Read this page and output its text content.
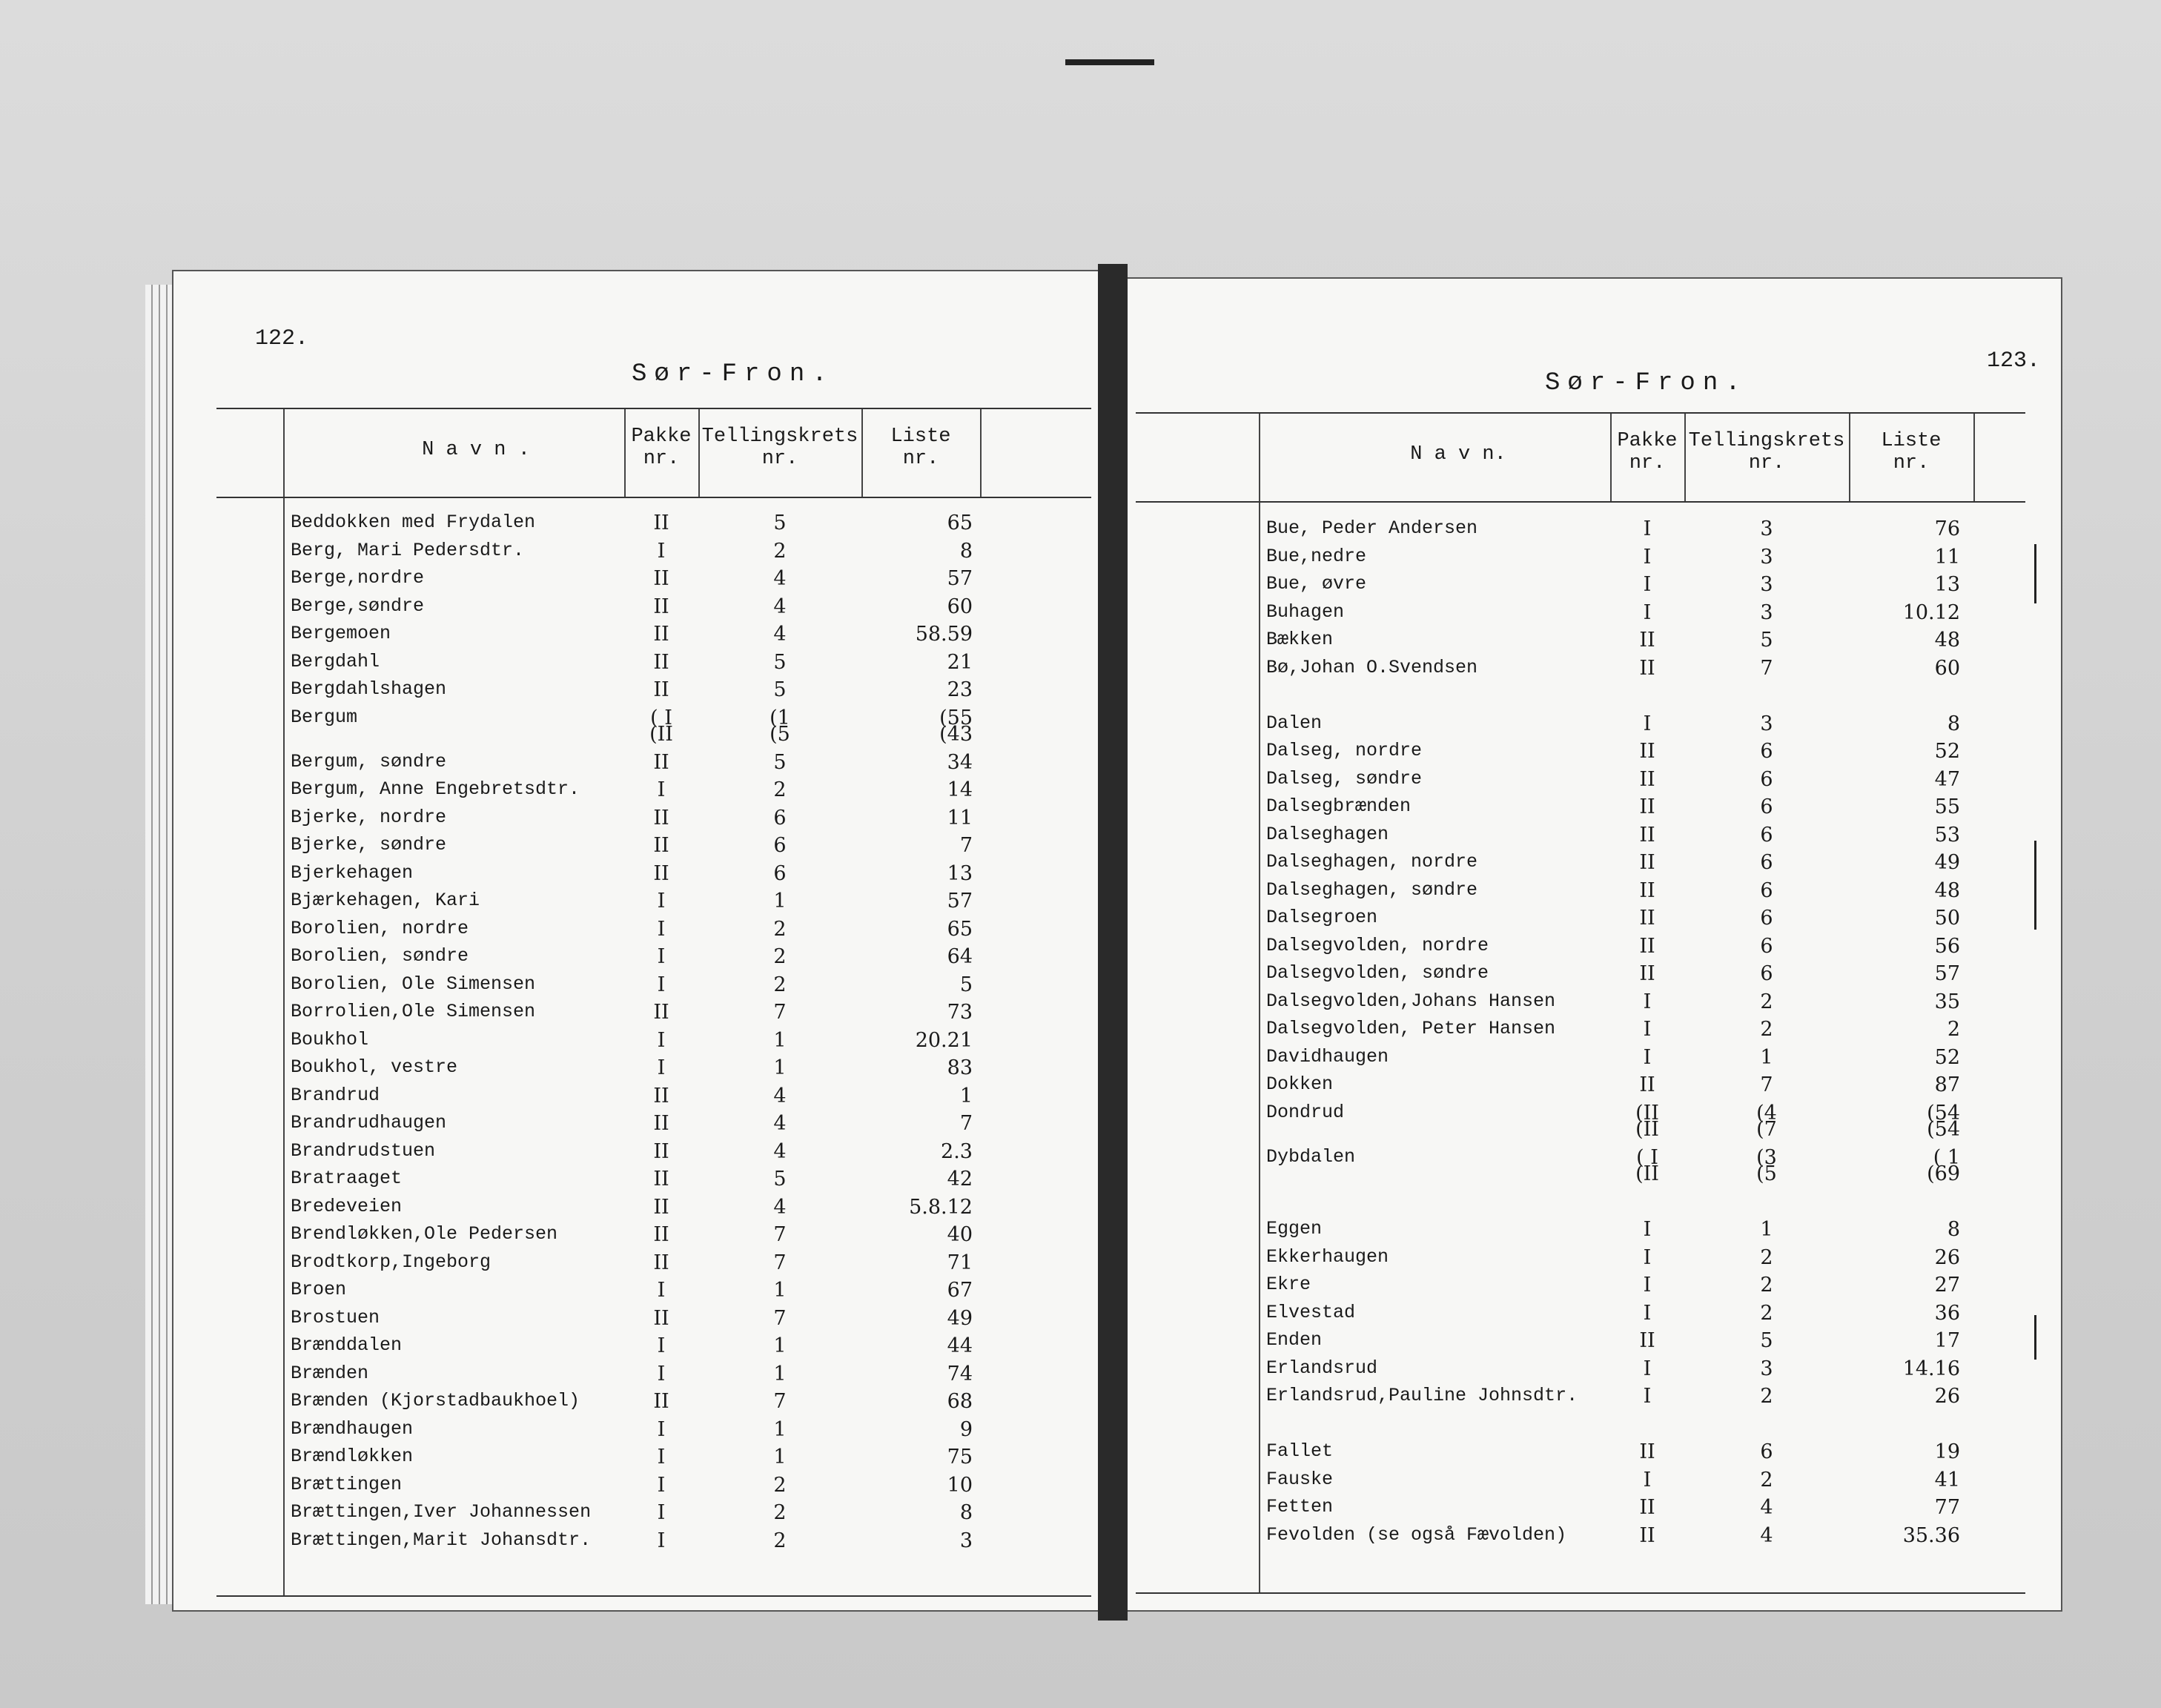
122.
Sør-Fron.
N a v n .
Pakke
nr.
Tellingskrets
nr.
Liste
nr.
Beddokken med Frydalen	II	5	65
Berg, Mari Pedersdtr.	I	2	8
Berge,nordre	II	4	57
Berge,søndre	II	4	60
Bergemoen	II	4	58.59
Bergdahl	II	5	21
Bergdahlshagen	II	5	23
Bergum	( I	(1	(55
(II	(5	(43
Bergum, søndre	II	5	34
Bergum, Anne Engebretsdtr.	I	2	14
Bjerke, nordre	II	6	11
Bjerke, søndre	II	6	7
Bjerkehagen	II	6	13
Bjærkehagen, Kari	I	1	57
Borolien, nordre	I	2	65
Borolien, søndre	I	2	64
Borolien, Ole Simensen	I	2	5
Borrolien,Ole Simensen	II	7	73
Boukhol	I	1	20.21
Boukhol, vestre	I	1	83
Brandrud	II	4	1
Brandrudhaugen	II	4	7
Brandrudstuen	II	4	2.3
Bratraaget	II	5	42
Bredeveien	II	4	5.8.12
Brendløkken,Ole Pedersen	II	7	40
Brodtkorp,Ingeborg	II	7	71
Broen	I	1	67
Brostuen	II	7	49
Brænddalen	I	1	44
Brænden	I	1	74
Brænden (Kjorstadbaukhoel)	II	7	68
Brændhaugen	I	1	9
Brændløkken	I	1	75
Brættingen	I	2	10
Brættingen,Iver Johannessen	I	2	8
Brættingen,Marit Johansdtr.	I	2	3
123.
Sør-Fron.
N a v n.
Pakke
nr.
Tellingskrets
nr.
Liste
nr.
Bue, Peder Andersen	I	3	76
Bue,nedre	I	3	11
Bue, øvre	I	3	13
Buhagen	I	3	10.12
Bækken	II	5	48
Bø,Johan O.Svendsen	II	7	60
Dalen	I	3	8
Dalseg, nordre	II	6	52
Dalseg, søndre	II	6	47
Dalsegbrænden	II	6	55
Dalseghagen	II	6	53
Dalseghagen, nordre	II	6	49
Dalseghagen, søndre	II	6	48
Dalsegroen	II	6	50
Dalsegvolden, nordre	II	6	56
Dalsegvolden, søndre	II	6	57
Dalsegvolden,Johans Hansen	I	2	35
Dalsegvolden, Peter Hansen	I	2	2
Davidhaugen	I	1	52
Dokken	II	7	87
Dondrud	(II	(4	(54
(II	(7	(54
Dybdalen	( I	(3	( 1
(II	(5	(69
Eggen	I	1	8
Ekkerhaugen	I	2	26
Ekre	I	2	27
Elvestad	I	2	36
Enden	II	5	17
Erlandsrud	I	3	14.16
Erlandsrud,Pauline Johnsdtr.	I	2	26
Fallet	II	6	19
Fauske	I	2	41
Fetten	II	4	77
Fevolden (se også Fævolden)	II	4	35.36
